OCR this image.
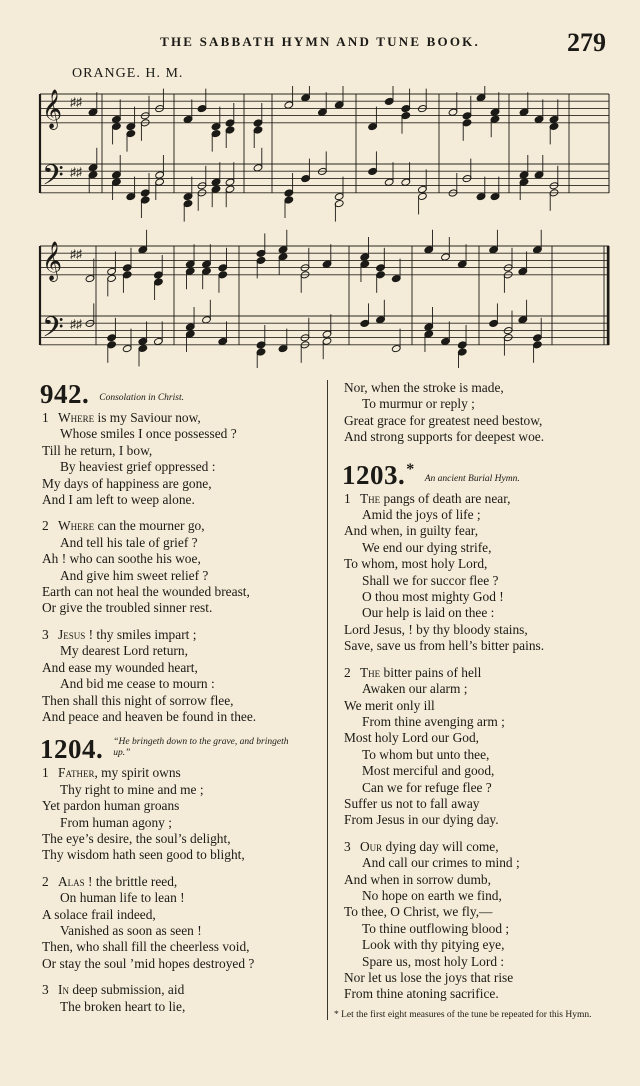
THE SABBATH HYMN AND TUNE BOOK.	279
ORANGE. H. M.
𝄞 ♯♯
𝄢 ♯♯
𝄞 ♯♯
𝄢 ♯♯
942. Consolation in Christ.
1 Where is my Saviour now,
Whose smiles I once possessed ?
Till he return, I bow,
By heaviest grief oppressed :
My days of happiness are gone,
And I am left to weep alone.
2 Where can the mourner go,
And tell his tale of grief ?
Ah ! who can soothe his woe,
And give him sweet relief ?
Earth can not heal the wounded breast,
Or give the troubled sinner rest.
3 Jesus ! thy smiles impart ;
My dearest Lord return,
And ease my wounded heart,
And bid me cease to mourn :
Then shall this night of sorrow flee,
And peace and heaven be found in thee.
1204. “He bringeth down to the grave, and bringeth up.”
1 Father, my spirit owns
Thy right to mine and me ;
Yet pardon human groans
From human agony ;
The eye’s desire, the soul’s delight,
Thy wisdom hath seen good to blight,
2 Alas ! the brittle reed,
On human life to lean !
A solace frail indeed,
Vanished as soon as seen !
Then, who shall fill the cheerless void,
Or stay the soul ’mid hopes destroyed ?
3 In deep submission, aid
The broken heart to lie,
Nor, when the stroke is made,
To murmur or reply ;
Great grace for greatest need bestow,
And strong supports for deepest woe.
1203.*
An ancient Burial Hymn.
1 The pangs of death are near,
Amid the joys of life ;
And when, in guilty fear,
We end our dying strife,
To whom, most holy Lord,
Shall we for succor flee ?
O thou most mighty God !
Our help is laid on thee :
Lord Jesus, ! by thy bloody stains,
Save, save us from hell’s bitter pains.
2 The bitter pains of hell
Awaken our alarm ;
We merit only ill
From thine avenging arm ;
Most holy Lord our God,
To whom but unto thee,
Most merciful and good,
Can we for refuge flee ?
Suffer us not to fall away
From Jesus in our dying day.
3 Our dying day will come,
And call our crimes to mind ;
And when in sorrow dumb,
No hope on earth we find,
To thee, O Christ, we fly,—
To thine outflowing blood ;
Look with thy pitying eye,
Spare us, most holy Lord :
Nor let us lose the joys that rise
From thine atoning sacrifice.
* Let the first eight measures of the tune be repeated for this Hymn.
